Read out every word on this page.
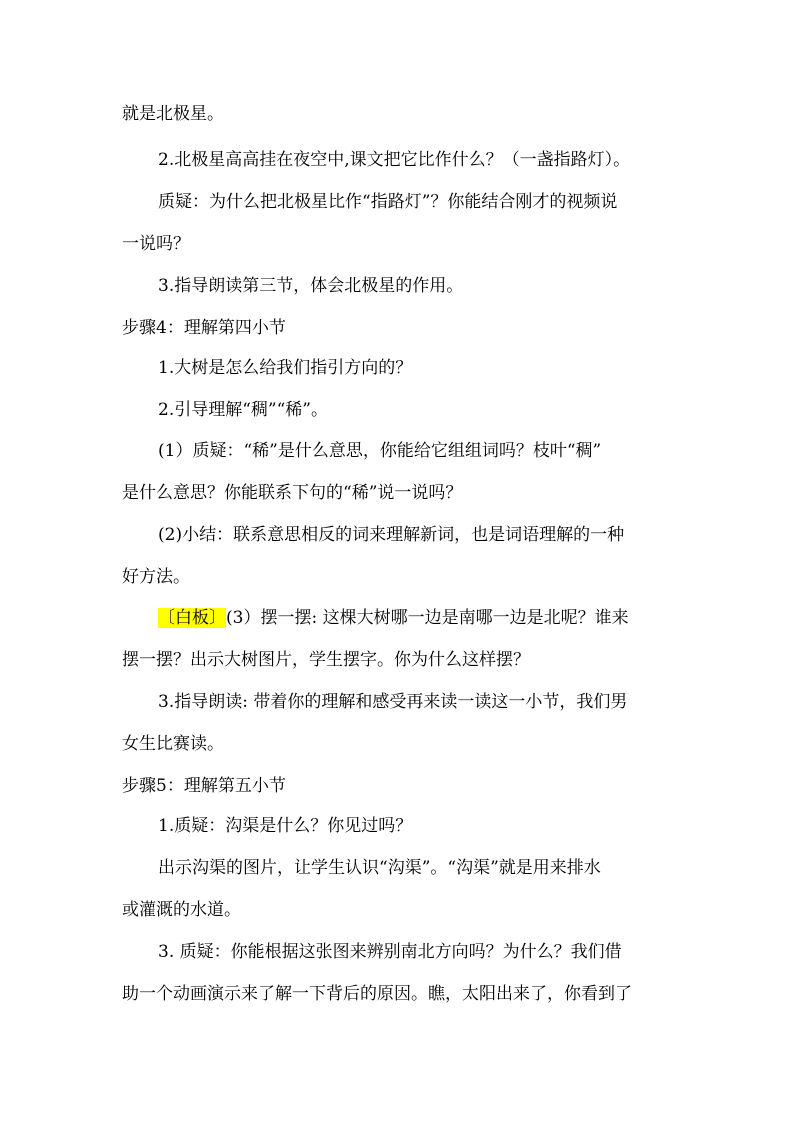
就是北极星。
2.北极星高高挂在夜空中,课文把它比作什么？（一盏指路灯）。
质疑：为什么把北极星比作“指路灯”？你能结合刚才的视频说
一说吗？
3.指导朗读第三节，体会北极星的作用。
步骤4：理解第四小节
1.大树是怎么给我们指引方向的？
2.引导理解“稠”“稀”。
(1）质疑：“稀”是什么意思，你能给它组组词吗？枝叶“稠”
是什么意思？你能联系下句的“稀”说一说吗？
(2)小结：联系意思相反的词来理解新词，也是词语理解的一种
好方法。
〔白板〕(3）摆一摆: 这棵大树哪一边是南哪一边是北呢？谁来
摆一摆？出示大树图片，学生摆字。你为什么这样摆？
3.指导朗读: 带着你的理解和感受再来读一读这一小节，我们男
女生比赛读。
步骤5：理解第五小节
1.质疑：沟渠是什么？你见过吗？
出示沟渠的图片，让学生认识“沟渠”。“沟渠”就是用来排水
或灌溉的水道。
3. 质疑：你能根据这张图来辨别南北方向吗？为什么？我们借
助一个动画演示来了解一下背后的原因。瞧，太阳出来了，你看到了
